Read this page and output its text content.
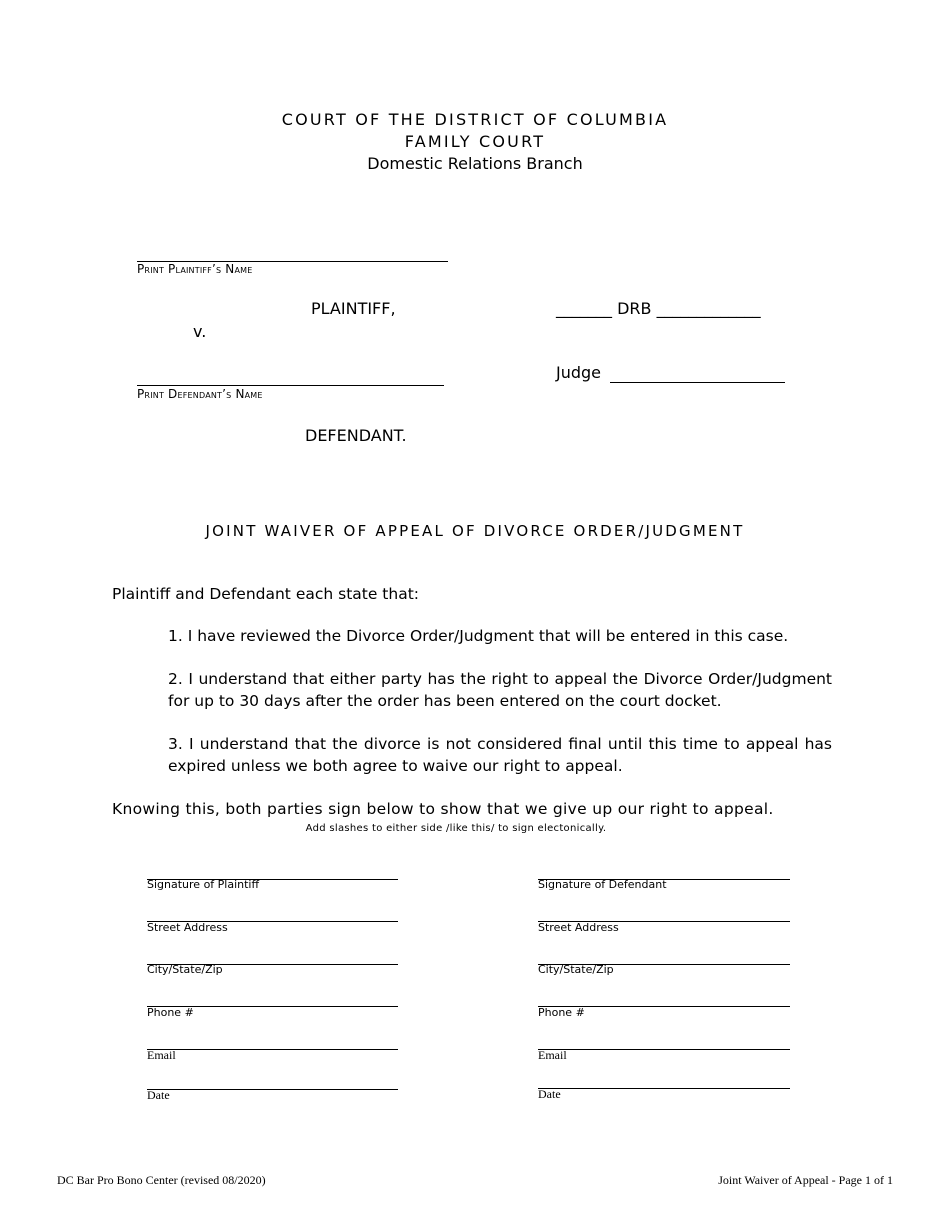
COURT OF THE DISTRICT OF COLUMBIA
FAMILY COURT
Domestic Relations Branch
Print Plaintiff’s Name
PLAINTIFF,
v.
_______ DRB _____________
Judge
Print Defendant’s Name
DEFENDANT.
JOINT WAIVER OF APPEAL OF DIVORCE ORDER/JUDGMENT
Plaintiff and Defendant each state that:
1. I have reviewed the Divorce Order/Judgment that will be entered in this case.
2. I understand that either party has the right to appeal the Divorce Order/Judgment for up to 30 days after the order has been entered on the court docket.
3. I understand that the divorce is not considered final until this time to appeal has expired unless we both agree to waive our right to appeal.
Knowing this, both parties sign below to show that we give up our right to appeal.
Add slashes to either side /like this/ to sign electonically.
Signature of Plaintiff
Street Address
City/State/Zip
Phone #
Email
Date
Signature of Defendant
Street Address
City/State/Zip
Phone #
Email
Date
DC Bar Pro Bono Center (revised 08/2020)	Joint Waiver of Appeal - Page 1 of 1
